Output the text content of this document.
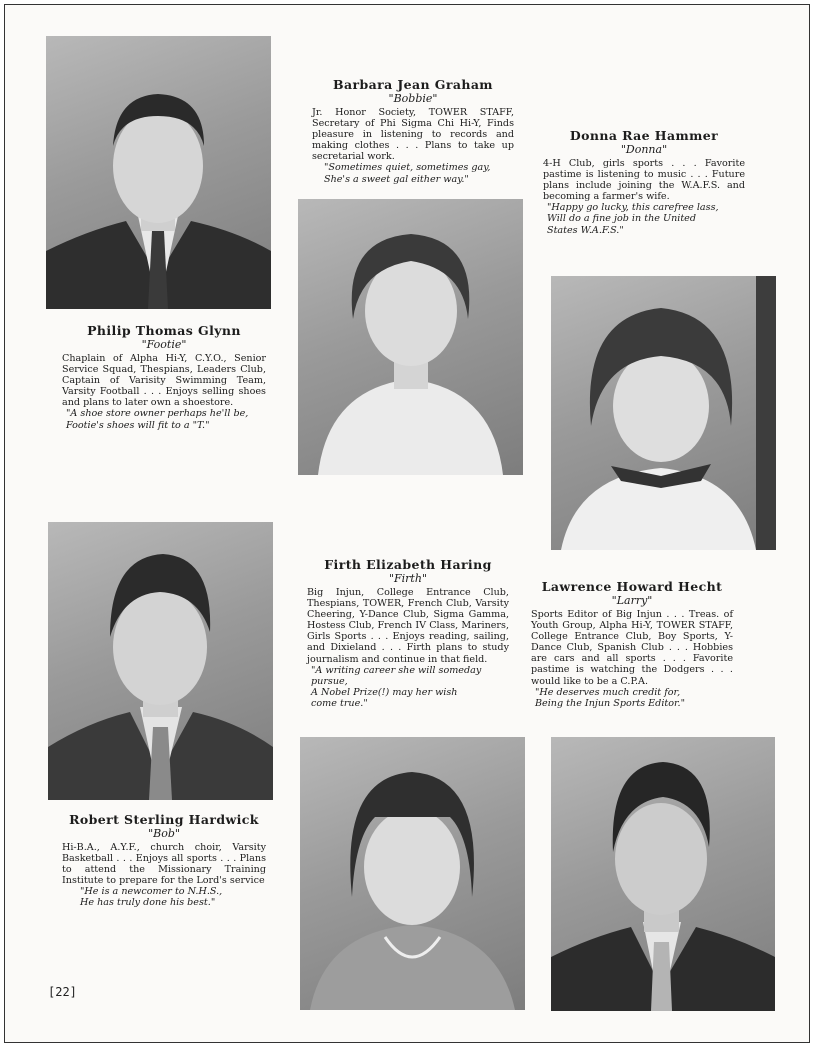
Philip Thomas Glynn

"Footie"

Chaplain of Alpha Hi-Y, C.Y.O., Senior Service Squad, Thespians, Leaders Club, Captain of Varisity Swimming Team, Varsity Football . . . Enjoys selling shoes and plans to later own a shoestore.

"A shoe store owner perhaps he'll be,
Footie's shoes will fit to a "T."

Barbara Jean Graham

"Bobbie"

Jr. Honor Society, TOWER STAFF, Secretary of Phi Sigma Chi Hi-Y, Finds pleasure in listening to records and making clothes . . . Plans to take up secretarial work.

"Sometimes quiet, sometimes gay,
She's a sweet gal either way."

Donna Rae Hammer

"Donna"

4-H Club, girls sports . . . Favorite pastime is listening to music . . . Future plans include joining the W.A.F.S. and becoming a farmer's wife.

"Happy go lucky, this carefree lass,
Will do a fine job in the United
States W.A.F.S."

Robert Sterling Hardwick

"Bob"

Hi-B.A., A.Y.F., church choir, Varsity Basketball . . . Enjoys all sports . . . Plans to attend the Missionary Training Institute to prepare for the Lord's service

"He is a newcomer to N.H.S.,
He has truly done his best."

Firth Elizabeth Haring

"Firth"

Big Injun, College Entrance Club, Thespians, TOWER, French Club, Varsity Cheering, Y-Dance Club, Sigma Gamma, Hostess Club, French IV Class, Mariners, Girls Sports . . . Enjoys reading, sailing, and Dixieland . . . Firth plans to study journalism and continue in that field.

"A writing career she will someday
pursue,
A Nobel Prize(!) may her wish
come true."

Lawrence Howard Hecht

"Larry"

Sports Editor of Big Injun . . . Treas. of Youth Group, Alpha Hi-Y, TOWER STAFF, College Entrance Club, Boy Sports, Y-Dance Club, Spanish Club . . . Hobbies are cars and all sports . . . Favorite pastime is watching the Dodgers . . . would like to be a C.P.A.

"He deserves much credit for,
Being the Injun Sports Editor."

[22]
